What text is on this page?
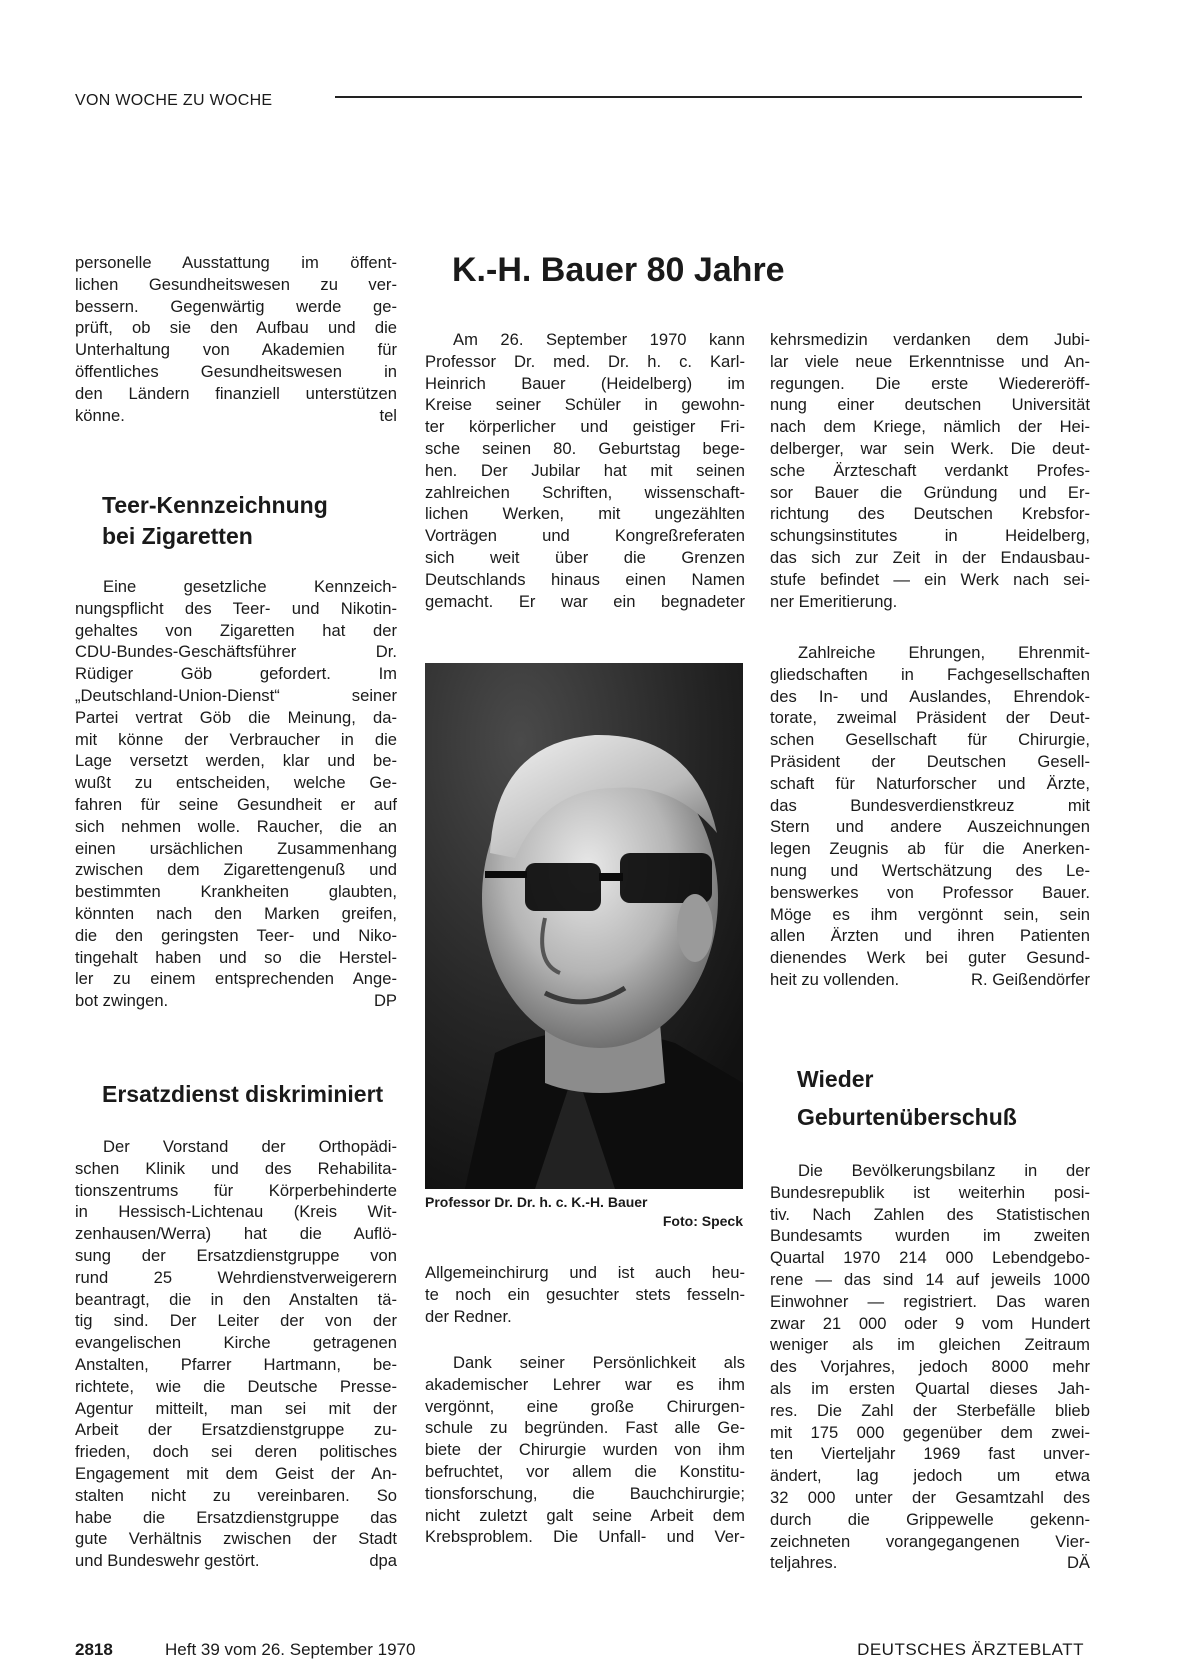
VON WOCHE ZU WOCHE

personelle Ausstattung im öffent-

lichen Gesundheitswesen zu ver-

bessern. Gegenwärtig werde ge-

prüft, ob sie den Aufbau und die

Unterhaltung von Akademien für

öffentliches Gesundheitswesen in

den Ländern finanziell unterstützen

könne.	tel
Teer-Kennzeichnung
bei Zigaretten

Eine gesetzliche Kennzeich-

nungspflicht des Teer- und Nikotin-

gehaltes von Zigaretten hat der

CDU-Bundes-Geschäftsführer Dr.

Rüdiger Göb gefordert. Im

„Deutschland-Union-Dienst“ seiner

Partei vertrat Göb die Meinung, da-

mit könne der Verbraucher in die

Lage versetzt werden, klar und be-

wußt zu entscheiden, welche Ge-

fahren für seine Gesundheit er auf

sich nehmen wolle. Raucher, die an

einen ursächlichen Zusammenhang

zwischen dem Zigarettengenuß und

bestimmten Krankheiten glaubten,

könnten nach den Marken greifen,

die den geringsten Teer- und Niko-

tingehalt haben und so die Herstel-

ler zu einem entsprechenden Ange-

bot zwingen.	DP
Ersatzdienst diskriminiert

Der Vorstand der Orthopädi-

schen Klinik und des Rehabilita-

tionszentrums für Körperbehinderte

in Hessisch-Lichtenau (Kreis Wit-

zenhausen/Werra) hat die Auflö-

sung der Ersatzdienstgruppe von

rund 25 Wehrdienstverweigerern

beantragt, die in den Anstalten tä-

tig sind. Der Leiter der von der

evangelischen Kirche getragenen

Anstalten, Pfarrer Hartmann, be-

richtete, wie die Deutsche Presse-

Agentur mitteilt, man sei mit der

Arbeit der Ersatzdienstgruppe zu-

frieden, doch sei deren politisches

Engagement mit dem Geist der An-

stalten nicht zu vereinbaren. So

habe die Ersatzdienstgruppe das

gute Verhältnis zwischen der Stadt

und Bundeswehr gestört.	dpa
K.-H. Bauer 80 Jahre

Am 26. September 1970 kann

Professor Dr. med. Dr. h. c. Karl-

Heinrich Bauer (Heidelberg) im

Kreise seiner Schüler in gewohn-

ter körperlicher und geistiger Fri-

sche seinen 80. Geburtstag bege-

hen. Der Jubilar hat mit seinen

zahlreichen Schriften, wissenschaft-

lichen Werken, mit ungezählten

Vorträgen und Kongreßreferaten

sich weit über die Grenzen

Deutschlands hinaus einen Namen

gemacht. Er war ein begnadeter

Professor Dr. Dr. h. c. K.-H. Bauer
Foto: Speck

Allgemeinchirurg und ist auch heu-

te noch ein gesuchter stets fesseln-

der Redner.

Dank seiner Persönlichkeit als

akademischer Lehrer war es ihm

vergönnt, eine große Chirurgen-

schule zu begründen. Fast alle Ge-

biete der Chirurgie wurden von ihm

befruchtet, vor allem die Konstitu-

tionsforschung, die Bauchchirurgie;

nicht zuletzt galt seine Arbeit dem

Krebsproblem. Die Unfall- und Ver-

kehrsmedizin verdanken dem Jubi-

lar viele neue Erkenntnisse und An-

regungen. Die erste Wiedereröff-

nung einer deutschen Universität

nach dem Kriege, nämlich der Hei-

delberger, war sein Werk. Die deut-

sche Ärzteschaft verdankt Profes-

sor Bauer die Gründung und Er-

richtung des Deutschen Krebsfor-

schungsinstitutes in Heidelberg,

das sich zur Zeit in der Endausbau-

stufe befindet — ein Werk nach sei-

ner Emeritierung.

Zahlreiche Ehrungen, Ehrenmit-

gliedschaften in Fachgesellschaften

des In- und Auslandes, Ehrendok-

torate, zweimal Präsident der Deut-

schen Gesellschaft für Chirurgie,

Präsident der Deutschen Gesell-

schaft für Naturforscher und Ärzte,

das Bundesverdienstkreuz mit

Stern und andere Auszeichnungen

legen Zeugnis ab für die Anerken-

nung und Wertschätzung des Le-

benswerkes von Professor Bauer.

Möge es ihm vergönnt sein, sein

allen Ärzten und ihren Patienten

dienendes Werk bei guter Gesund-

heit zu vollenden.	R. Geißendörfer
Wieder
Geburtenüberschuß

Die Bevölkerungsbilanz in der

Bundesrepublik ist weiterhin posi-

tiv. Nach Zahlen des Statistischen

Bundesamts wurden im zweiten

Quartal 1970 214 000 Lebendgebo-

rene — das sind 14 auf jeweils 1000

Einwohner — registriert. Das waren

zwar 21 000 oder 9 vom Hundert

weniger als im gleichen Zeitraum

des Vorjahres, jedoch 8000 mehr

als im ersten Quartal dieses Jah-

res. Die Zahl der Sterbefälle blieb

mit 175 000 gegenüber dem zwei-

ten Vierteljahr 1969 fast unver-

ändert, lag jedoch um etwa

32 000 unter der Gesamtzahl des

durch die Grippewelle gekenn-

zeichneten vorangegangenen Vier-

teljahres.	DÄ
2818	Heft 39 vom 26. September 1970	DEUTSCHES ÄRZTEBLATT
